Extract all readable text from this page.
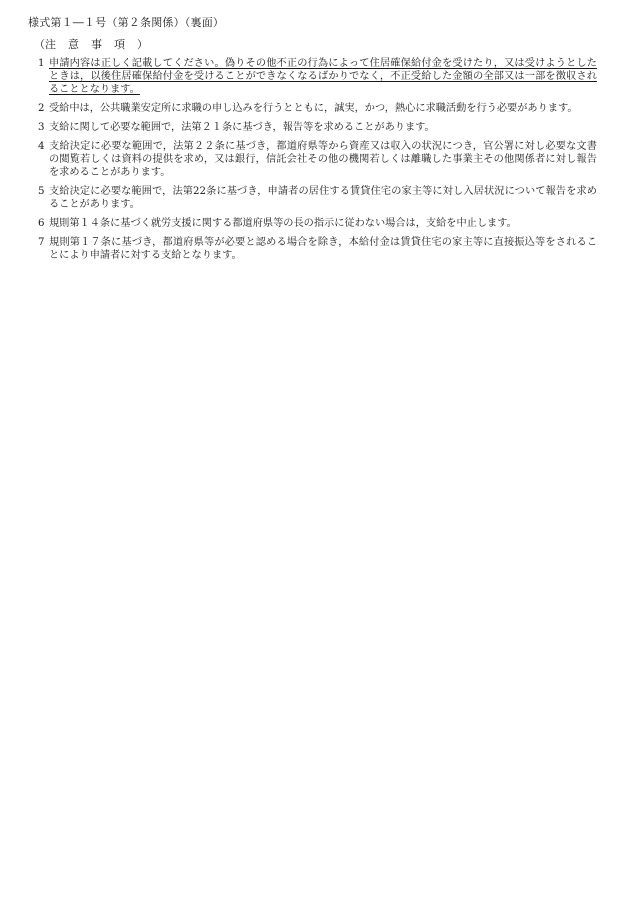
様式第１―１号（第２条関係）（裏面）
（注 意 事 項 ）
1 申請内容は正しく記載してください。偽りその他不正の行為によって住居確保給付金を受けたり，又は受けようとしたときは，以後住居確保給付金を受けることができなくなるばかりでなく，不正受給した金額の全部又は一部を徴収されることとなります。
2 受給中は，公共職業安定所に求職の申し込みを行うとともに，誠実，かつ，熱心に求職活動を行う必要があります。
3 支給に関して必要な範囲で，法第２１条に基づき，報告等を求めることがあります。
4 支給決定に必要な範囲で，法第２２条に基づき，都道府県等から資産又は収入の状況につき，官公署に対し必要な文書の閲覧若しくは資料の提供を求め，又は銀行，信託会社その他の機関若しくは離職した事業主その他関係者に対し報告を求めることがあります。
5 支給決定に必要な範囲で，法第22条に基づき，申請者の居住する賃貸住宅の家主等に対し入居状況について報告を求めることがあります。
6 規則第１４条に基づく就労支援に関する都道府県等の長の指示に従わない場合は，支給を中止します。
7 規則第１７条に基づき，都道府県等が必要と認める場合を除き，本給付金は賃貸住宅の家主等に直接振込等をされることにより申請者に対する支給となります。
